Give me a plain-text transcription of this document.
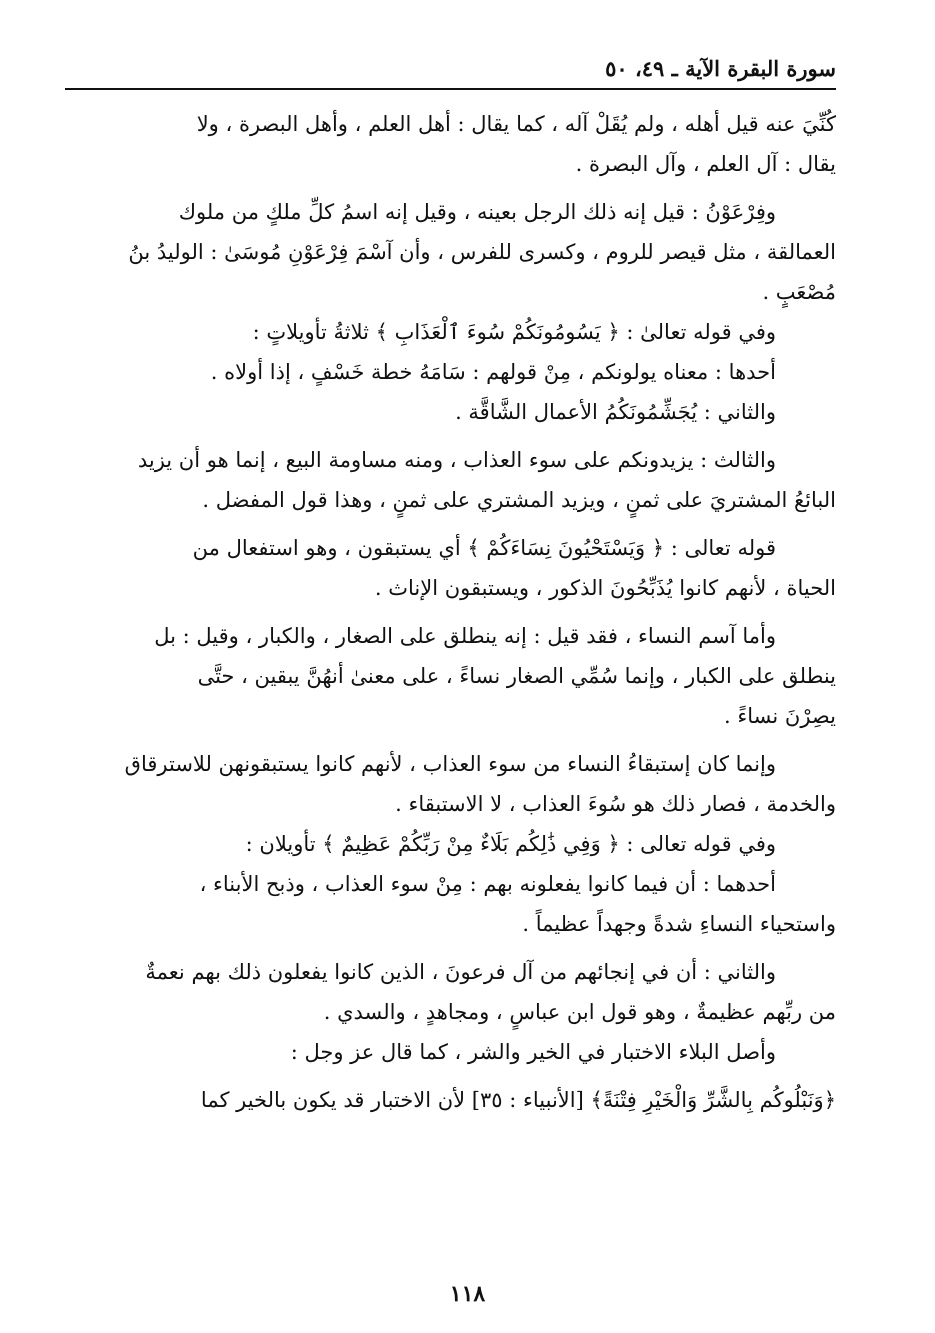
سورة البقرة الآية ـ ٤٩، ٥٠
كُنِّيَ عنه قيل أهله ، ولم يُقَلْ آله ، كما يقال : أهل العلم ، وأهل البصرة ، ولا
يقال : آل العلم ، وآل البصرة .
وفِرْعَوْنُ : قيل إنه ذلك الرجل بعينه ، وقيل إنه اسمُ كلِّ ملكٍ من ملوك
العمالقة ، مثل قيصر للروم ، وكسرى للفرس ، وأن آسْمَ فِرْعَوْنِ مُوسَىٰ : الوليدُ بنُ
مُصْعَبٍ .
وفي قوله تعالىٰ : ﴿ يَسُومُونَكُمْ سُوءَ ٱلْعَذَابِ ﴾ ثلاثةُ تأويلاتٍ :
أحدها : معناه يولونكم ، مِنْ قولهم : سَامَهُ خطة خَسْفٍ ، إذا أولاه .
والثاني : يُجَشِّمُونَكُمُ الأعمال الشَّاقَّة .
والثالث : يزيدونكم على سوء العذاب ، ومنه مساومة البيع ، إنما هو أن يزيد
البائعُ المشتريَ على ثمنٍ ، ويزيد المشتري على ثمنٍ ، وهذا قول المفضل .
قوله تعالى : ﴿ وَيَسْتَحْيُونَ نِسَاءَكُمْ ﴾ أي يستبقون ، وهو استفعال من
الحياة ، لأنهم كانوا يُذَبِّحُونَ الذكور ، ويستبقون الإناث .
وأما آسم النساء ، فقد قيل : إنه ينطلق على الصغار ، والكبار ، وقيل : بل
ينطلق على الكبار ، وإنما سُمِّي الصغار نساءً ، على معنىٰ أنهُنَّ يبقين ، حتَّى
يصِرْنَ نساءً .
وإنما كان إستبقاءُ النساء من سوء العذاب ، لأنهم كانوا يستبقونهن للاسترقاق
والخدمة ، فصار ذلك هو سُوءَ العذاب ، لا الاستبقاء .
وفي قوله تعالى : ﴿ وَفِي ذَٰلِكُم بَلَاءٌ مِنْ رَبِّكُمْ عَظِيمٌ ﴾ تأويلان :
أحدهما : أن فيما كانوا يفعلونه بهم : مِنْ سوء العذاب ، وذبح الأبناء ،
واستحياء النساءِ شدةً وجهداً عظيماً .
والثاني : أن في إنجائهم من آل فرعونَ ، الذين كانوا يفعلون ذلك بهم نعمةٌ
من ربِّهم عظيمةٌ ، وهو قول ابن عباسٍ ، ومجاهدٍ ، والسدي .
وأصل البلاء الاختبار في الخير والشر ، كما قال عز وجل :
﴿وَنَبْلُوكُم بِالشَّرِّ وَالْخَيْرِ فِتْنَةً﴾ [الأنبياء : ٣٥] لأن الاختبار قد يكون بالخير كما
١١٨
